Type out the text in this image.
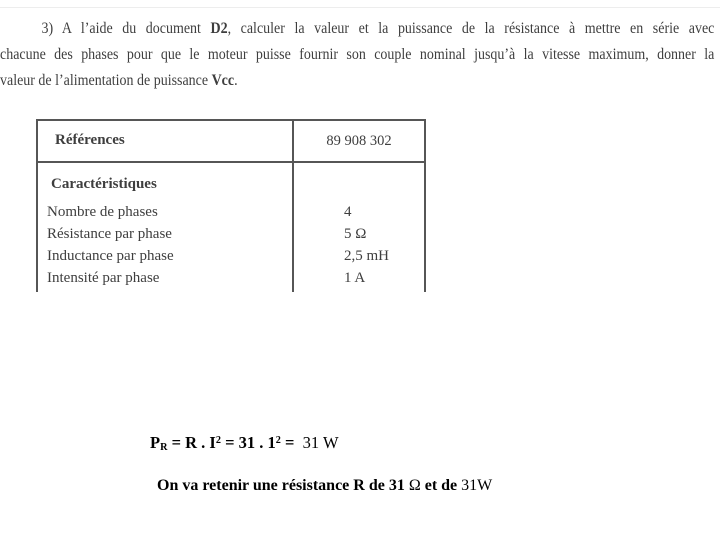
3) A l’aide du document D2, calculer la valeur et la puissance de la résistance à mettre en série avec
chacune des phases pour que le moteur puisse fournir son couple nominal jusqu’à la vitesse maximum, donner la
valeur de l’alimentation de puissance Vcc.
Références	89 908 302
Caractéristiques
Nombre de phases	4
Résistance par phase	5 Ω
Inductance par phase	2,5 mH
Intensité par phase	1 A
$P_R = R$ . $I^2 = 31$ . $1^2 = 31$ W
On va retenir une résistance R de 31 Ω et de 31W
